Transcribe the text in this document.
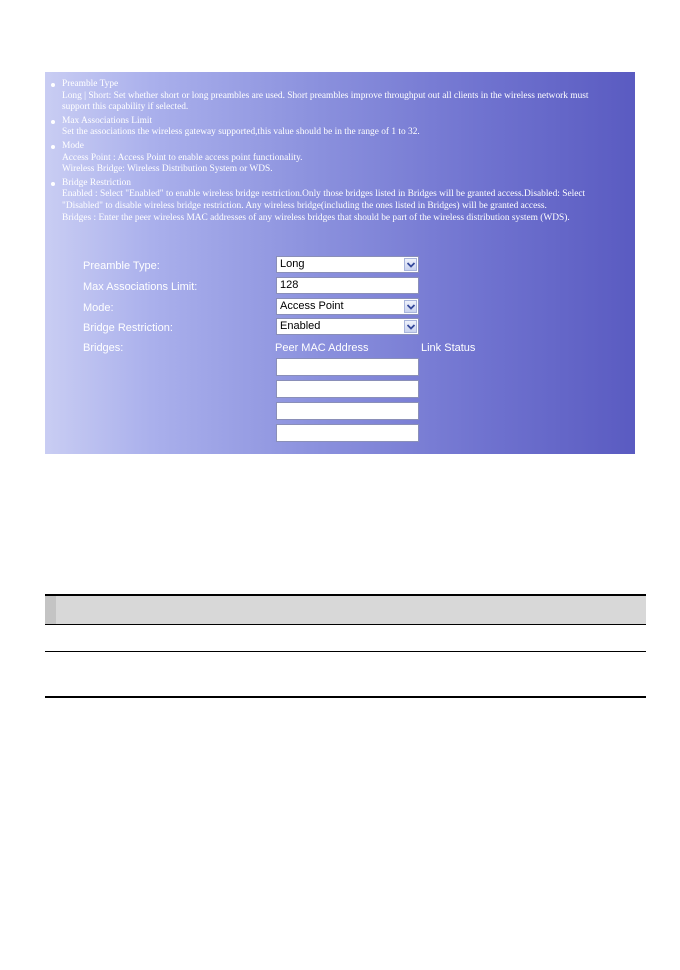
Preamble Type
Long | Short: Set whether short or long preambles are used. Short preambles improve throughput out all clients in the wireless network must
support this capability if selected.
Max Associations Limit
Set the associations the wireless gateway supported,this value should be in the range of 1 to 32.
Mode
Access Point : Access Point to enable access point functionality.
Wireless Bridge: Wireless Distribution System or WDS.
Bridge Restriction
Enabled : Select "Enabled" to enable wireless bridge restriction.Only those bridges listed in Bridges will be granted access.Disabled: Select
"Disabled" to disable wireless bridge restriction. Any wireless bridge(including the ones listed in Bridges) will be granted access.
Bridges : Enter the peer wireless MAC addresses of any wireless bridges that should be part of the wireless distribution system (WDS).
Preamble Type:	Long
Max Associations Limit:	128
Mode:	Access Point
Bridge Restriction:	Enabled
Bridges:	Peer MAC Address	Link Status
